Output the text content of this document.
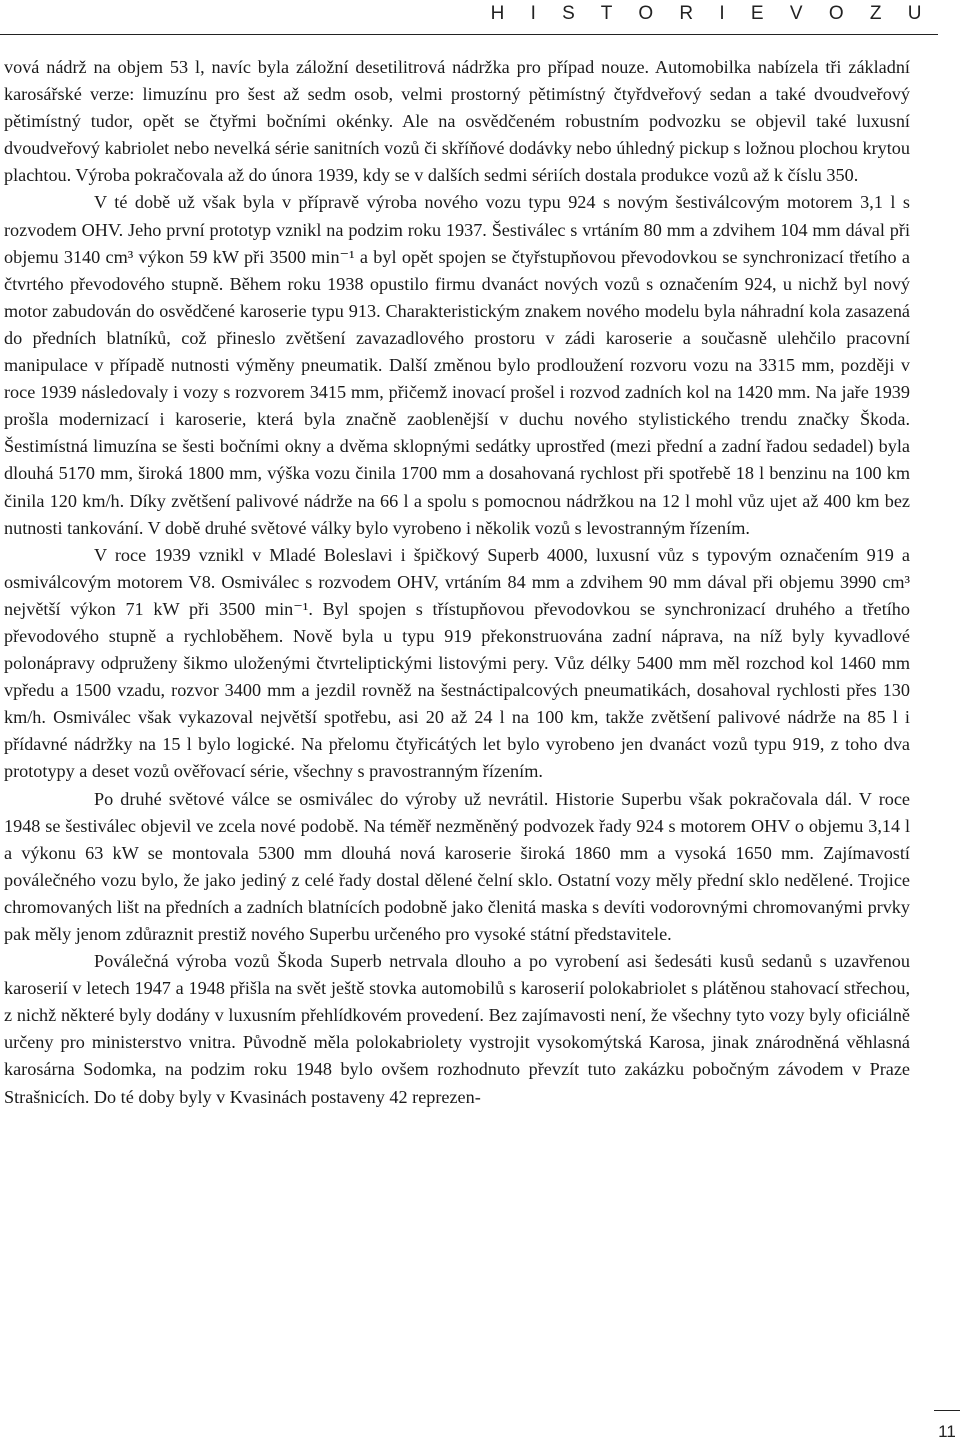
H I S T O R I E V O Z U

vová nádrž na objem 53 l, navíc byla záložní desetilitrová nádržka pro případ nouze. Automobilka nabízela tři základní karosářské verze: limuzínu pro šest až sedm osob, velmi prostorný pětimístný čtyřdveřový sedan a také dvoudveřový pětimístný tudor, opět se čtyřmi bočními okénky. Ale na osvědčeném robustním podvozku se objevil také luxusní dvoudveřový kabriolet nebo nevelká série sanitních vozů či skříňové dodávky nebo úhledný pickup s ložnou plochou krytou plachtou. Výroba pokračovala až do února 1939, kdy se v dalších sedmi sériích dostala produkce vozů až k číslu 350.

V té době už však byla v přípravě výroba nového vozu typu 924 s novým šestiválcovým motorem 3,1 l s rozvodem OHV. Jeho první prototyp vznikl na podzim roku 1937. Šestiválec s vrtáním 80 mm a zdvihem 104 mm dával při objemu 3140 cm³ výkon 59 kW při 3500 min⁻¹ a byl opět spojen se čtyřstupňovou převodovkou se synchronizací třetího a čtvrtého převodového stupně. Během roku 1938 opustilo firmu dvanáct nových vozů s označením 924, u nichž byl nový motor zabudován do osvědčené karoserie typu 913. Charakteristickým znakem nového modelu byla náhradní kola zasazená do předních blatníků, což přineslo zvětšení zavazadlového prostoru v zádi karoserie a současně ulehčilo pracovní manipulace v případě nutnosti výměny pneumatik. Další změnou bylo prodloužení rozvoru vozu na 3315 mm, později v roce 1939 následovaly i vozy s rozvorem 3415 mm, přičemž inovací prošel i rozvod zadních kol na 1420 mm. Na jaře 1939 prošla modernizací i karoserie, která byla značně zaoblenější v duchu nového stylistického trendu značky Škoda. Šestimístná limuzína se šesti bočními okny a dvěma sklopnými sedátky uprostřed (mezi přední a zadní řadou sedadel) byla dlouhá 5170 mm, široká 1800 mm, výška vozu činila 1700 mm a dosahovaná rychlost při spotřebě 18 l benzinu na 100 km činila 120 km/h. Díky zvětšení palivové nádrže na 66 l a spolu s pomocnou nádržkou na 12 l mohl vůz ujet až 400 km bez nutnosti tankování. V době druhé světové války bylo vyrobeno i několik vozů s levostranným řízením.

V roce 1939 vznikl v Mladé Boleslavi i špičkový Superb 4000, luxusní vůz s typovým označením 919 a osmiválcovým motorem V8. Osmiválec s rozvodem OHV, vrtáním 84 mm a zdvihem 90 mm dával při objemu 3990 cm³ největší výkon 71 kW při 3500 min⁻¹. Byl spojen s třístupňovou převodovkou se synchronizací druhého a třetího převodového stupně a rychloběhem. Nově byla u typu 919 překonstruována zadní náprava, na níž byly kyvadlové polonápravy odpruženy šikmo uloženými čtvrteliptickými listovými pery. Vůz délky 5400 mm měl rozchod kol 1460 mm vpředu a 1500 vzadu, rozvor 3400 mm a jezdil rovněž na šestnáctipalcových pneumatikách, dosahoval rychlosti přes 130 km/h. Osmiválec však vykazoval největší spotřebu, asi 20 až 24 l na 100 km, takže zvětšení palivové nádrže na 85 l i přídavné nádržky na 15 l bylo logické. Na přelomu čtyřicátých let bylo vyrobeno jen dvanáct vozů typu 919, z toho dva prototypy a deset vozů ověřovací série, všechny s pravostranným řízením.

Po druhé světové válce se osmiválec do výroby už nevrátil. Historie Superbu však pokračovala dál. V roce 1948 se šestiválec objevil ve zcela nové podobě. Na téměř nezměněný podvozek řady 924 s motorem OHV o objemu 3,14 l a výkonu 63 kW se montovala 5300 mm dlouhá nová karoserie široká 1860 mm a vysoká 1650 mm. Zajímavostí poválečného vozu bylo, že jako jediný z celé řady dostal dělené čelní sklo. Ostatní vozy měly přední sklo nedělené. Trojice chromovaných lišt na předních a zadních blatnících podobně jako členitá maska s devíti vodorovnými chromovanými prvky pak měly jenom zdůraznit prestiž nového Superbu určeného pro vysoké státní představitele.

Poválečná výroba vozů Škoda Superb netrvala dlouho a po vyrobení asi šedesáti kusů sedanů s uzavřenou karoserií v letech 1947 a 1948 přišla na svět ještě stovka automobilů s karoserií polokabriolet s plátěnou stahovací střechou, z nichž některé byly dodány v luxusním přehlídkovém provedení. Bez zajímavosti není, že všechny tyto vozy byly oficiálně určeny pro ministerstvo vnitra. Původně měla polokabriolety vystrojit vysokomýtská Karosa, jinak znárodněná věhlasná karosárna Sodomka, na podzim roku 1948 bylo ovšem rozhodnuto převzít tuto zakázku pobočným závodem v Praze Strašnicích. Do té doby byly v Kvasinách postaveny 42 reprezen-

11
